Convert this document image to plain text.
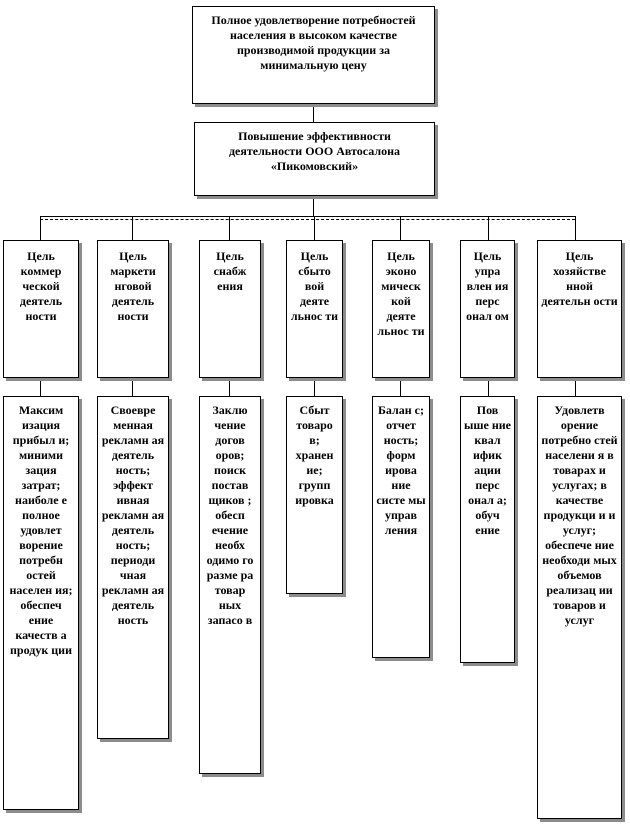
Полное удовлетворение потребностей населения в высоком качестве производимой продукции за минимальную цену
Повышение эффективности деятельности ООО Автосалона «Пикомовский»
Цель коммер ческой деятель ности
Цель маркети нговой деятель ности
Цель снабж ения
Цель сбыто вой деяте льнос ти
Цель эконо мическ кой деяте льнос ти
Цель упра влен ия перс онал ом
Цель хозяйстве нной деятельн ости
Максим изация прибыл и; миними зация затрат; наиболе е полное удовлет ворение потребн остей населен ия; обеспеч ение качеств а продук ции
Своевре менная рекламн ая деятель ность; эффект ивная рекламн ая деятель ность; периоди чная рекламн ая деятель ность
Заклю чение догов оров; поиск постав щиков ; обесп ечение необх одимо го разме ра товар ных запасо в
Сбыт товаро в; хранен ие; групп ировка
Балан с; отчет ность; форм ирова ние систе мы управ ления
Пов ыше ние квал ифик ации перс онал а; обуч ение
Удовлетв орение потребно стей населени я в товарах и услугах; в качестве продукци и и услуг; обеспече ние необходи мых объемов реализац ии товаров и услуг
